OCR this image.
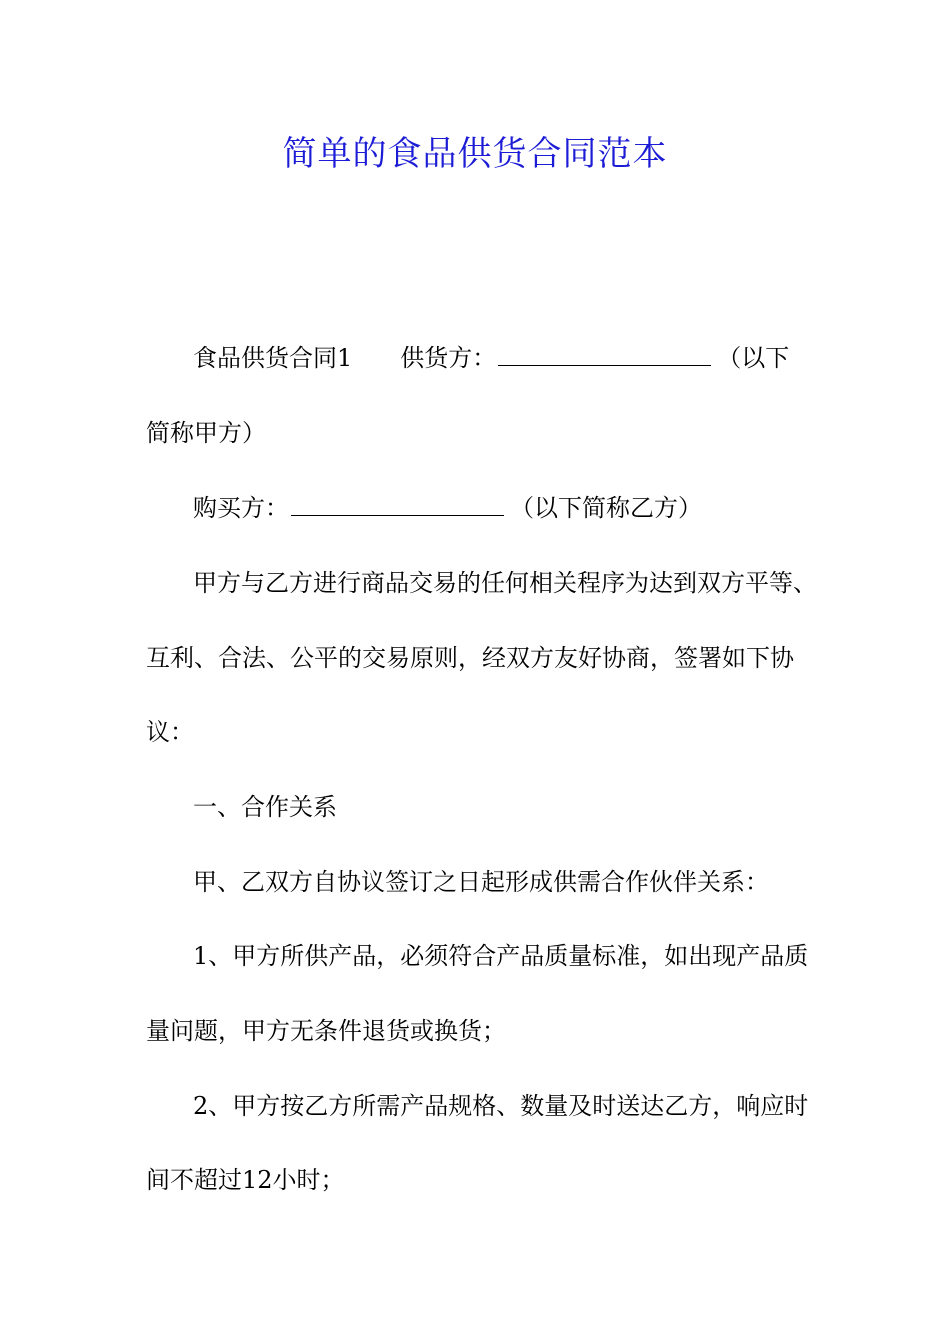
简单的食品供货合同范本
食品供货合同1 供货方：	（以下
简称甲方）
购买方：	（以下简称乙方）
甲方与乙方进行商品交易的任何相关程序为达到双方平等、
互利、合法、公平的交易原则，经双方友好协商，签署如下协
议：
一、合作关系
甲、乙双方自协议签订之日起形成供需合作伙伴关系：
1、甲方所供产品，必须符合产品质量标准，如出现产品质
量问题，甲方无条件退货或换货；
2、甲方按乙方所需产品规格、数量及时送达乙方，响应时
间不超过12小时；
